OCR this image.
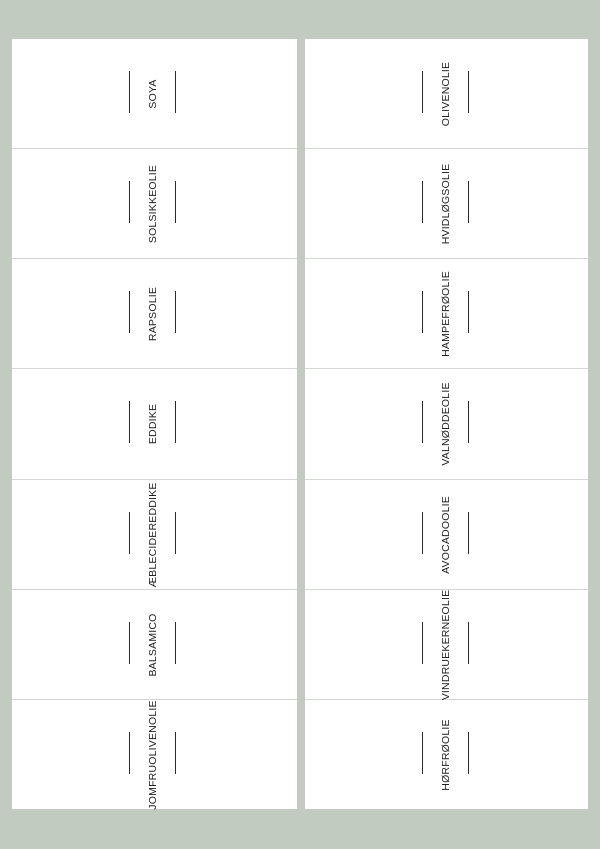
SOYA
SOLSIKKEOLIE
RAPSOLIE
EDDIKE
ÆBLECIDEREDDIKE
BALSAMICO
JOMFRUOLIVENOLIE
OLIVENOLIE
HVIDLØGSOLIE
HAMPEFRØOLIE
VALNØDDEOLIE
AVOCADOOLIE
VINDRUEKERNEOLIE
HØRFRØOLIE
